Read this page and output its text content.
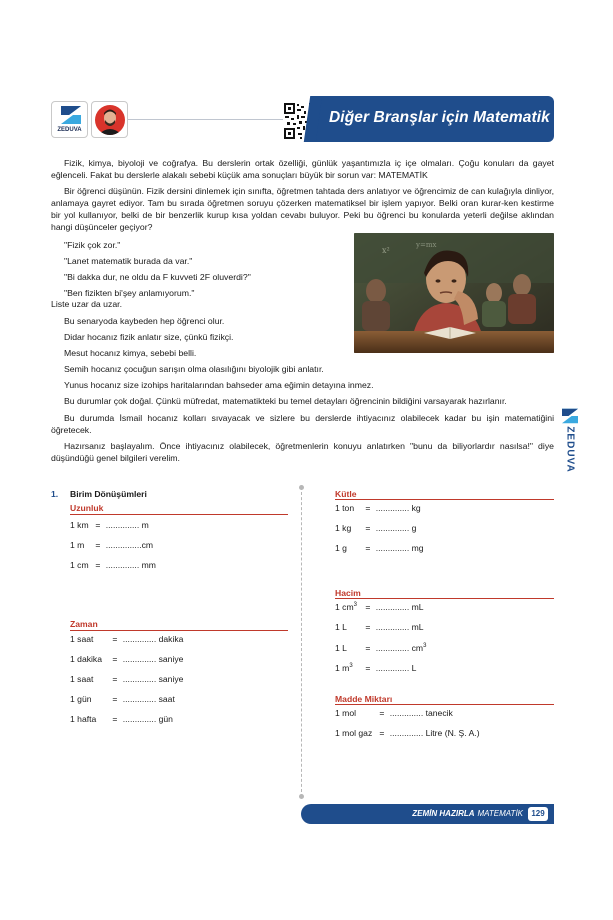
ZEDUVA
Diğer Branşlar için Matematik
Fizik, kimya, biyoloji ve coğrafya. Bu derslerin ortak özelliği, günlük yaşantımızla iç içe olmaları. Çoğu konuları da gayet eğlenceli. Fakat bu derslerle alakalı sebebi küçük ama sonuçları büyük bir sorun var: MATEMATİK
Bir öğrenci düşünün. Fizik dersini dinlemek için sınıfta, öğretmen tahtada ders anlatıyor ve öğrencimiz de can kulağıyla dinliyor, anlamaya gayret ediyor. Tam bu sırada öğretmen soruyu çözerken matematiksel bir işlem yapıyor. Belki oran kurar-ken kestirme bir yol kullanıyor, belki de bir benzerlik kurup kısa yoldan cevabı buluyor. Peki bu öğrenci bu konularda yeterli değilse aklından hangi düşünceler geçiyor?
"Fizik çok zor."
"Lanet matematik burada da var."
"Bi dakka dur, ne oldu da F kuvveti 2F oluverdi?"
"Ben fizikten bi'şey anlamıyorum."
Liste uzar da uzar.
Bu senaryoda kaybeden hep öğrenci olur.
Didar hocanız fizik anlatır size, çünkü fizikçi.
Mesut hocanız kimya, sebebi belli.
Semih hocanız çocuğun sarışın olma olasılığını biyolojik gibi anlatır.
Yunus hocanız size izohips haritalarından bahseder ama eğimin detayına inmez.
Bu durumlar çok doğal. Çünkü müfredat, matematikteki bu temel detayları öğrencinin bildiğini varsayarak hazırlanır.
Bu durumda İsmail hocanız kolları sıvayacak ve sizlere bu derslerde ihtiyacınız olabilecek kadar bu işin matematiğini öğretecek.
Hazırsanız başlayalım. Önce ihtiyacınız olabilecek, öğretmenlerin konuyu anlatırken "bunu da biliyorlardır nasılsa!" diye düşündüğü genel bilgileri verelim.
x²
y=mx
ZEDUVA
1. Birim Dönüşümleri
Uzunluk
1 km = .............. m
1 m = ...............cm
1 cm = .............. mm
Zaman
1 saat = .............. dakika
1 dakika = .............. saniye
1 saat = .............. saniye
1 gün = .............. saat
1 hafta = .............. gün
Kütle
1 ton = .............. kg
1 kg = .............. g
1 g = .............. mg
Hacim
1 $cm^3$ = .............. mL
1 L = .............. mL
1 L = .............. $cm^3$
1 $m^3$ = .............. L
Madde Miktarı
1 mol	= .............. tanecik
1 mol gaz = .............. Litre (N. Ş. A.)
ZEMİN HAZIRLA MATEMATİK	129
